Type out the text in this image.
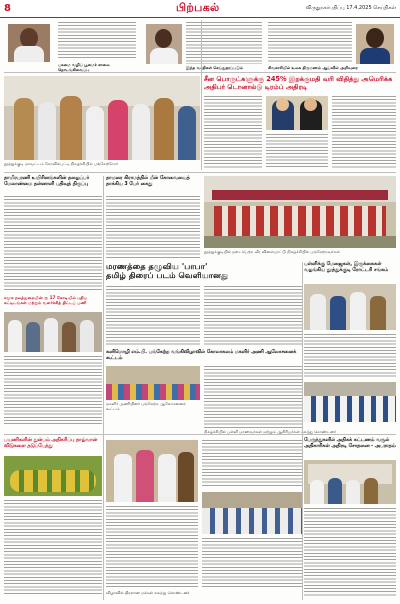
8	பிற்பகல்	விருதுநகர்பதிப்பு 17.4.2025 செய்திகள்
பசுமை வழிப் பூமைச் சாலை தொடங்கிவைப்பு	இந்த வசதிகள் செய்துதரப்படும்	சிவகாசியில் உலக திருமணம் ஆய்வில் அறிவுரை
தூத்துக்குடி மாவட்டம் கோவில்பட்டி நிகழ்ச்சியில் பங்கேற்றோர்
சீன பொருட்களுக்கு 245% இறக்குமதி வரி விதித்து அமெரிக்க அதிபர் டொனால்டு டிரம்ப் அதிரடி
தாமிரபரணி உயிரினங்களின் தழைப்பர் மேலாண்மை தன்னாளி பதிவுத் திருப்பு
சமூக நலத்துறையின் ரூ 17 கோடியில் புதிய கட்டிடங்கள் மற்றும் வளர்ச்சித் திட்டப் பணி
தாமரை கிராமத்தில் மீன் கோவையைத் தாக்கிய 3 பேர் கைது
தூத்துக்குடியில் நடைபெற்ற வீர விளையாட்டு நிகழ்ச்சியில் பங்கேற்றவர்கள்
மரணத்தை தழுவிய 'பாபா'
தமிழ் திரைப் படம் வெளியானது
பள்ளிக்கு மேஜைகள், இருக்கைகள் வழங்கிய தூத்துக்குடி ரோட்டரி சங்கம்
கனிமொழி எம்.பி. பங்கேற்ற வங்கிவிழாவில் கோலாகலம் மகளிர் அணி ஆலோசனைக் கூட்டம்
மகளிர் அணியினர் பங்கேற்ற ஆலோசனைக் கூட்டம்
நிகழ்ச்சியில் பள்ளி மாணவர்கள் மற்றும் ஆசிரியர்கள் கலந்து கொண்டனர்
பயணிகளின் துன்பம் அதிகரிப்பு தாழ்வான் விடுகளை தடுப்பேத்து
விழாவில் திரளான மக்கள் கலந்து கொண்டனர்
பேருந்துகளில் அதிகக் கட்டணம் வசூல் அதிகாரிகள் அதிரடி சோதனை - அபராதம்
